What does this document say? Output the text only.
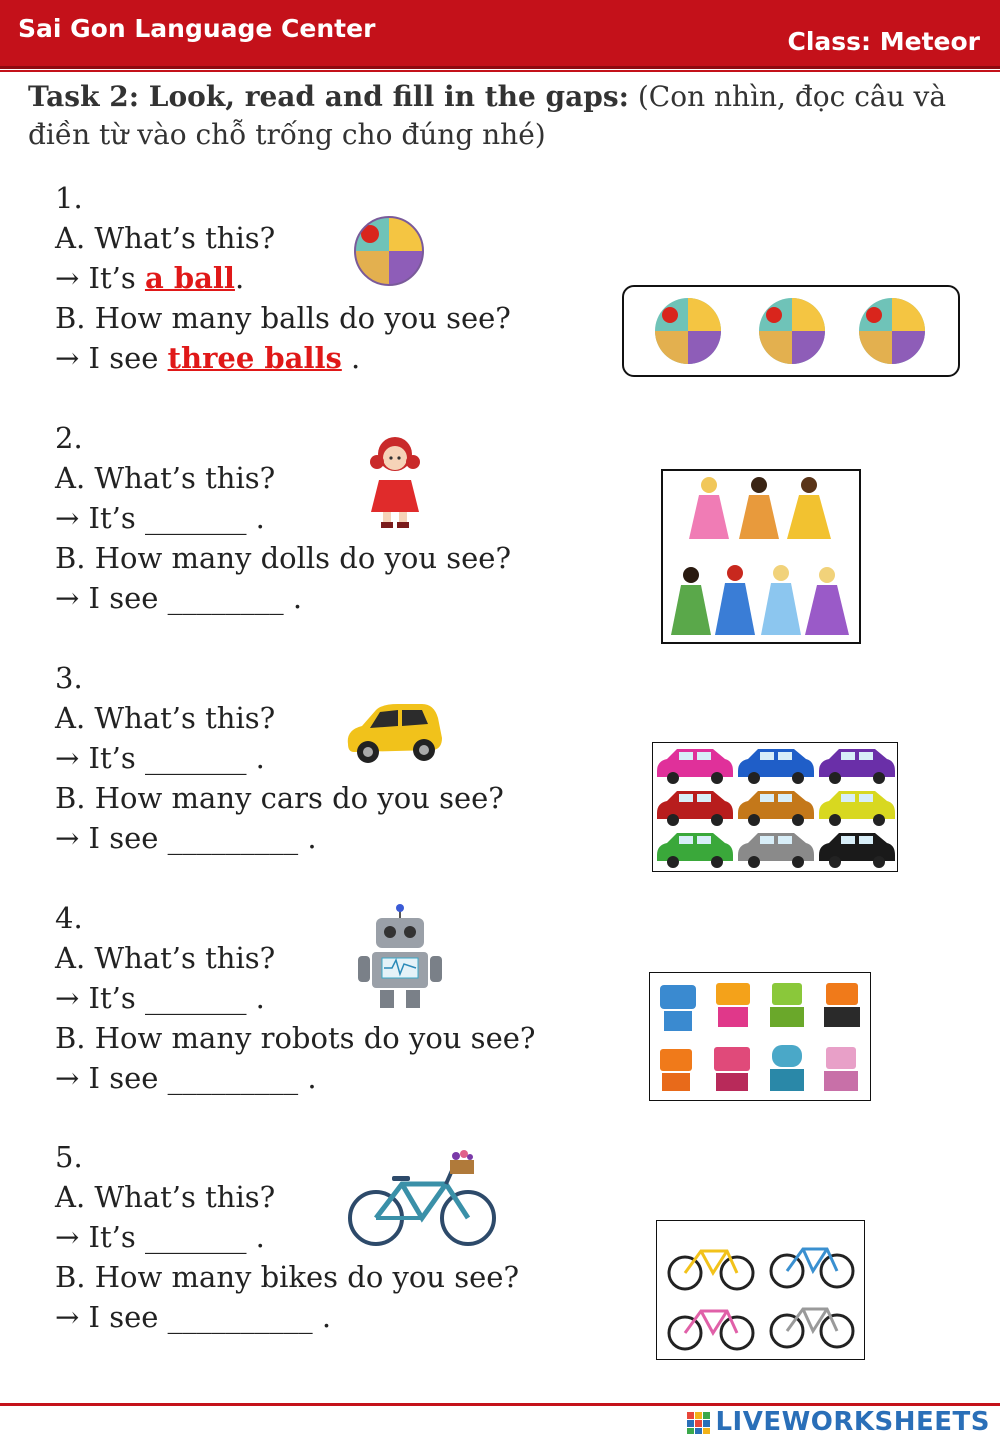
Sai Gon Language Center	Class: Meteor
Task 2: Look, read and fill in the gaps: (Con nhìn, đọc câu và điền từ vào chỗ trống cho đúng nhé)
1.
A. What’s this?
→ It’s a ball.
B. How many balls do you see?
→ I see three balls .
2.
A. What’s this?
→ It’s _______ .
B. How many dolls do you see?
→ I see ________ .
3.
A. What’s this?
→ It’s _______ .
B. How many cars do you see?
→ I see _________ .
4.
A. What’s this?
→ It’s _______ .
B. How many robots do you see?
→ I see _________ .
5.
A. What’s this?
→ It’s _______ .
B. How many bikes do you see?
→ I see __________ .
LIVEWORKSHEETS
